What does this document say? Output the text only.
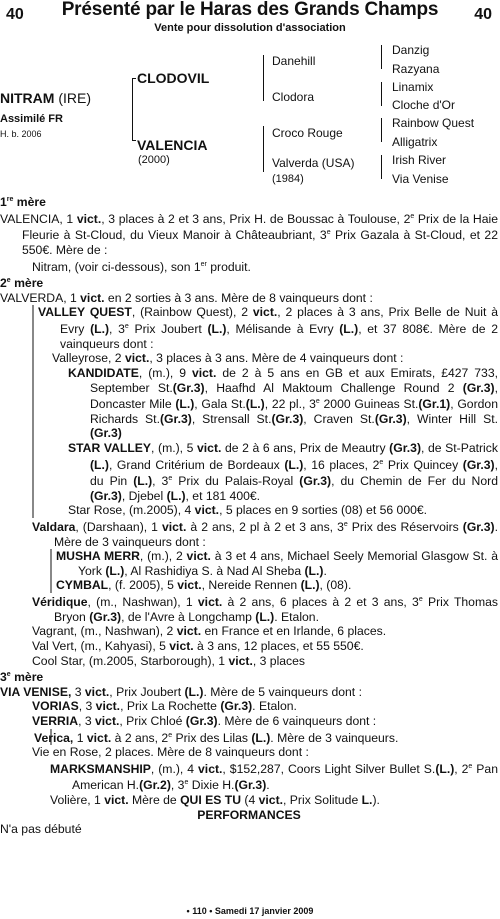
40	Présenté par le Haras des Grands Champs	40
Vente pour dissolution d'association
NITRAM (IRE)
Assimilé FR
H. b. 2006
CLODOVIL
VALENCIA
(2000)
Danehill
Clodora
Croco Rouge
Valverda (USA)
(1984)
Danzig
Razyana
Linamix
Cloche d'Or
Rainbow Quest
Alligatrix
Irish River
Via Venise

1re mère

VALENCIA, 1 vict., 3 places à 2 et 3 ans, Prix H. de Boussac à Toulouse, 2e Prix de la Haie Fleurie à St-Cloud, du Vieux Manoir à Châteaubriant, 3e Prix Gazala à St-Cloud, et 22 550€. Mère de :

Nitram, (voir ci-dessous), son 1er produit.

2e mère

VALVERDA, 1 vict. en 2 sorties à 3 ans. Mère de 8 vainqueurs dont :

VALLEY QUEST, (Rainbow Quest), 2 vict., 2 places à 3 ans, Prix Belle de Nuit à Evry (L.), 3e Prix Joubert (L.), Mélisande à Evry (L.), et 37 808€. Mère de 2 vainqueurs dont :

Valleyrose, 2 vict., 3 places à 3 ans. Mère de 4 vainqueurs dont :

KANDIDATE, (m.), 9 vict. de 2 à 5 ans en GB et aux Emirats, £427 733, September St.(Gr.3), Haafhd Al Maktoum Challenge Round 2 (Gr.3), Doncaster Mile (L.), Gala St.(L.), 22 pl., 3e 2000 Guineas St.(Gr.1), Gordon Richards St.(Gr.3), Strensall St.(Gr.3), Craven St.(Gr.3), Winter Hill St.(Gr.3)

STAR VALLEY, (m.), 5 vict. de 2 à 6 ans, Prix de Meautry (Gr.3), de St-Patrick (L.), Grand Critérium de Bordeaux (L.), 16 places, 2e Prix Quincey (Gr.3), du Pin (L.), 3e Prix du Palais-Royal (Gr.3), du Chemin de Fer du Nord (Gr.3), Djebel (L.), et 181 400€.

Star Rose, (m.2005), 4 vict., 5 places en 9 sorties (08) et 56 000€.

Valdara, (Darshaan), 1 vict. à 2 ans, 2 pl à 2 et 3 ans, 3e Prix des Réservoirs (Gr.3). Mère de 3 vainqueurs dont :

MUSHA MERR, (m.), 2 vict. à 3 et 4 ans, Michael Seely Memorial Glasgow St. à York (L.), Al Rashidiya S. à Nad Al Sheba (L.).

CYMBAL, (f. 2005), 5 vict., Nereide Rennen (L.), (08).

Véridique, (m., Nashwan), 1 vict. à 2 ans, 6 places à 2 et 3 ans, 3e Prix Thomas Bryon (Gr.3), de l'Avre à Longchamp (L.). Etalon.

Vagrant, (m., Nashwan), 2 vict. en France et en Irlande, 6 places.

Val Vert, (m., Kahyasi), 5 vict. à 3 ans, 12 places, et 55 550€.

Cool Star, (m.2005, Starborough), 1 vict., 3 places

3e mère

VIA VENISE, 3 vict., Prix Joubert (L.). Mère de 5 vainqueurs dont :

VORIAS, 3 vict., Prix La Rochette (Gr.3). Etalon.

VERRIA, 3 vict., Prix Chloé (Gr.3). Mère de 6 vainqueurs dont :

Verica, 1 vict. à 2 ans, 2e Prix des Lilas (L.). Mère de 3 vainqueurs.

Vie en Rose, 2 places. Mère de 8 vainqueurs dont :

MARKSMANSHIP, (m.), 4 vict., $152,287, Coors Light Silver Bullet S.(L.), 2e Pan American H.(Gr.2), 3e Dixie H.(Gr.3).

Volière, 1 vict. Mère de QUI ES TU (4 vict., Prix Solitude L.).

PERFORMANCES

N'a pas débuté

• 110 • Samedi 17 janvier 2009
